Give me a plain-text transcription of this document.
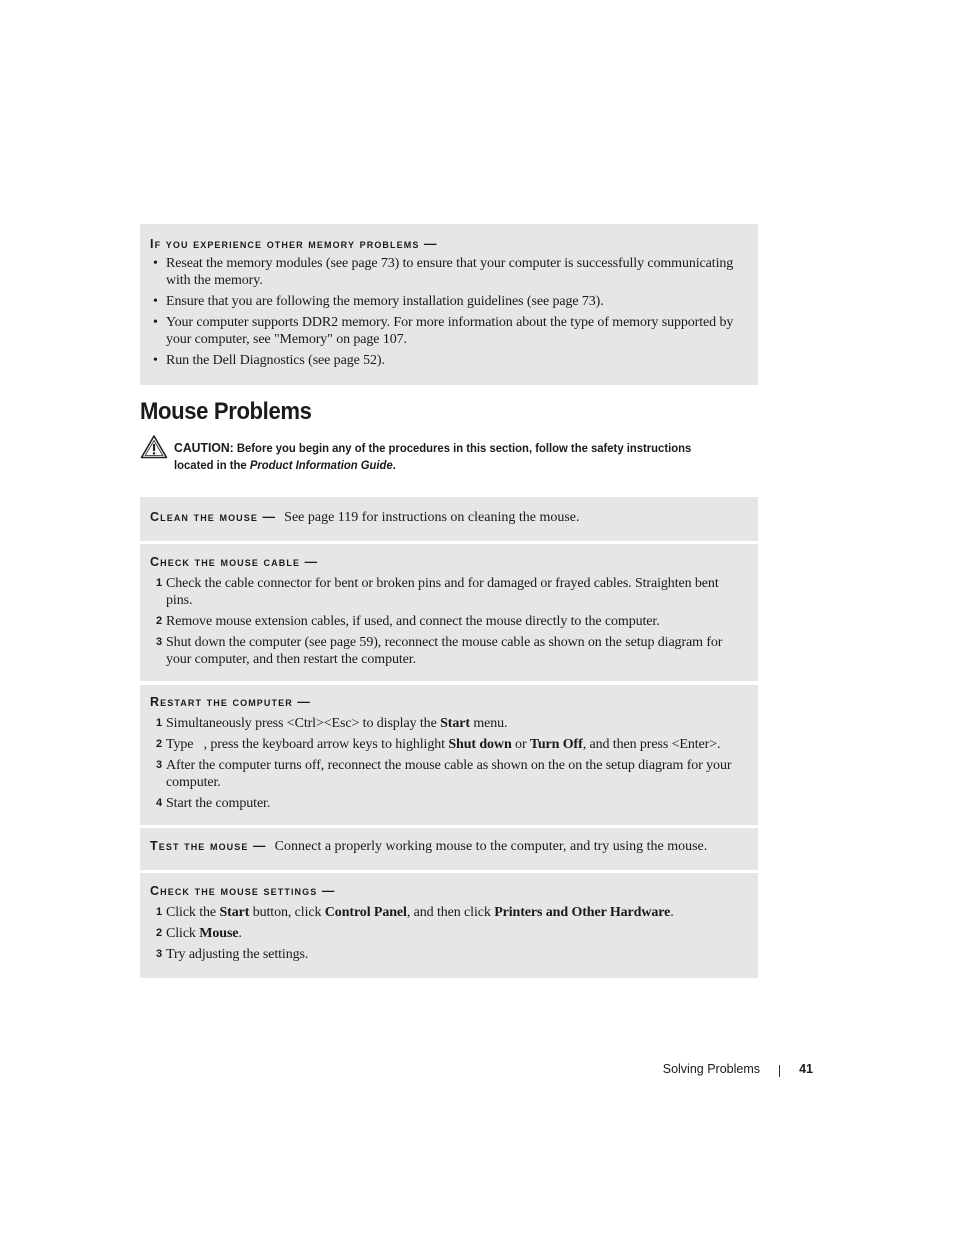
If you experience other memory problems —
• Reseat the memory modules (see page 73) to ensure that your computer is successfully communicating with the memory.
• Ensure that you are following the memory installation guidelines (see page 73).
• Your computer supports DDR2 memory. For more information about the type of memory supported by your computer, see "Memory" on page 107.
• Run the Dell Diagnostics (see page 52).
Mouse Problems
CAUTION: Before you begin any of the procedures in this section, follow the safety instructions located in the Product Information Guide.
Clean the mouse — See page 119 for instructions on cleaning the mouse.
Check the mouse cable —
1 Check the cable connector for bent or broken pins and for damaged or frayed cables. Straighten bent pins.
2 Remove mouse extension cables, if used, and connect the mouse directly to the computer.
3 Shut down the computer (see page 59), reconnect the mouse cable as shown on the setup diagram for your computer, and then restart the computer.
Restart the computer —
1 Simultaneously press <Ctrl><Esc> to display the Start menu.
2 Type   , press the keyboard arrow keys to highlight Shut down or Turn Off, and then press <Enter>.
3 After the computer turns off, reconnect the mouse cable as shown on the on the setup diagram for your computer.
4 Start the computer.
Test the mouse — Connect a properly working mouse to the computer, and try using the mouse.
Check the mouse settings —
1 Click the Start button, click Control Panel, and then click Printers and Other Hardware.
2 Click Mouse.
3 Try adjusting the settings.
Solving Problems	41
